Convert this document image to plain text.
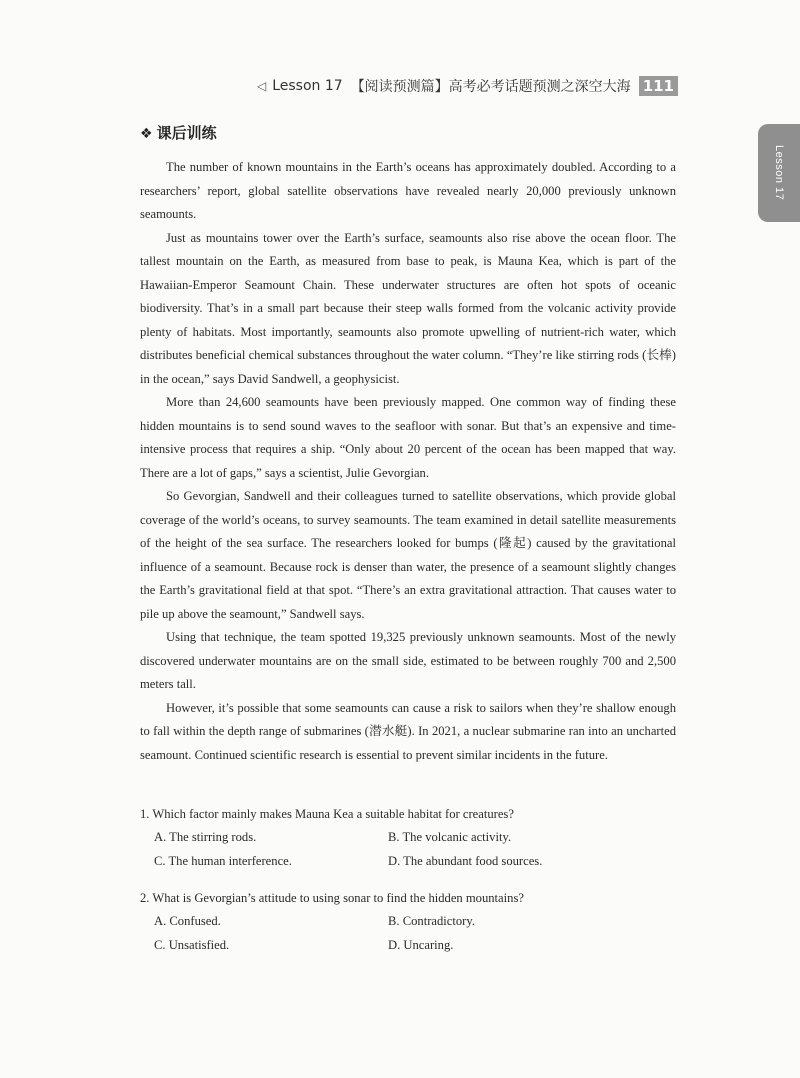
◁ Lesson 17 【阅读预测篇】高考必考话题预测之深空大海 111
Lesson 17
❖ 课后训练

The number of known mountains in the Earth’s oceans has approximately doubled. According to a researchers’ report, global satellite observations have revealed nearly 20,000 previously unknown seamounts.

Just as mountains tower over the Earth’s surface, seamounts also rise above the ocean floor. The tallest mountain on the Earth, as measured from base to peak, is Mauna Kea, which is part of the Hawaiian-Emperor Seamount Chain. These underwater structures are often hot spots of oceanic biodiversity. That’s in a small part because their steep walls formed from the volcanic activity provide plenty of habitats. Most importantly, seamounts also promote upwelling of nutrient-rich water, which distributes beneficial chemical substances throughout the water column. “They’re like stirring rods (长棒) in the ocean,” says David Sandwell, a geophysicist.

More than 24,600 seamounts have been previously mapped. One common way of finding these hidden mountains is to send sound waves to the seafloor with sonar. But that’s an expensive and time-intensive process that requires a ship. “Only about 20 percent of the ocean has been mapped that way. There are a lot of gaps,” says a scientist, Julie Gevorgian.

So Gevorgian, Sandwell and their colleagues turned to satellite observations, which provide global coverage of the world’s oceans, to survey seamounts. The team examined in detail satellite measurements of the height of the sea surface. The researchers looked for bumps (隆起) caused by the gravitational influence of a seamount. Because rock is denser than water, the presence of a seamount slightly changes the Earth’s gravitational field at that spot. “There’s an extra gravitational attraction. That causes water to pile up above the seamount,” Sandwell says.

Using that technique, the team spotted 19,325 previously unknown seamounts. Most of the newly discovered underwater mountains are on the small side, estimated to be between roughly 700 and 2,500 meters tall.

However, it’s possible that some seamounts can cause a risk to sailors when they’re shallow enough to fall within the depth range of submarines (潜水艇). In 2021, a nuclear submarine ran into an uncharted seamount. Continued scientific research is essential to prevent similar incidents in the future.

1. Which factor mainly makes Mauna Kea a suitable habitat for creatures?
A. The stirring rods.	B. The volcanic activity.
C. The human interference.	D. The abundant food sources.
2. What is Gevorgian’s attitude to using sonar to find the hidden mountains?
A. Confused.	B. Contradictory.
C. Unsatisfied.	D. Uncaring.
